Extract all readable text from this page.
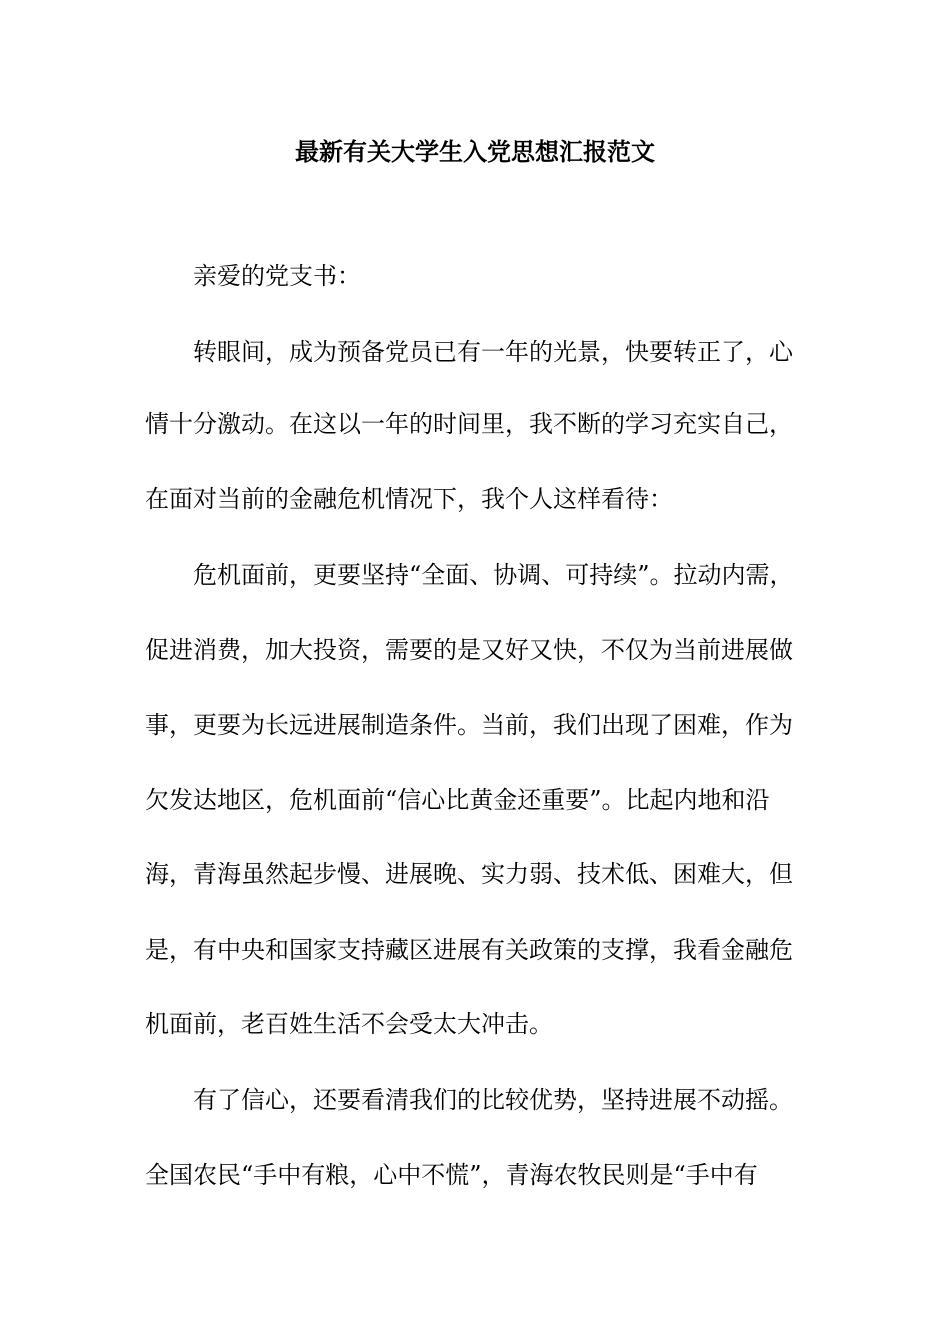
最新有关大学生入党思想汇报范文

亲爱的党支书：

转眼间，成为预备党员已有一年的光景，快要转正了，心

情十分激动。在这以一年的时间里，我不断的学习充实自己，

在面对当前的金融危机情况下，我个人这样看待：

危机面前，更要坚持“全面、协调、可持续”。拉动内需，

促进消费，加大投资，需要的是又好又快，不仅为当前进展做

事，更要为长远进展制造条件。当前，我们出现了困难，作为

欠发达地区，危机面前“信心比黄金还重要”。比起内地和沿

海，青海虽然起步慢、进展晚、实力弱、技术低、困难大，但

是，有中央和国家支持藏区进展有关政策的支撑，我看金融危

机面前，老百姓生活不会受太大冲击。

有了信心，还要看清我们的比较优势，坚持进展不动摇。

全国农民“手中有粮，心中不慌”，青海农牧民则是“手中有
